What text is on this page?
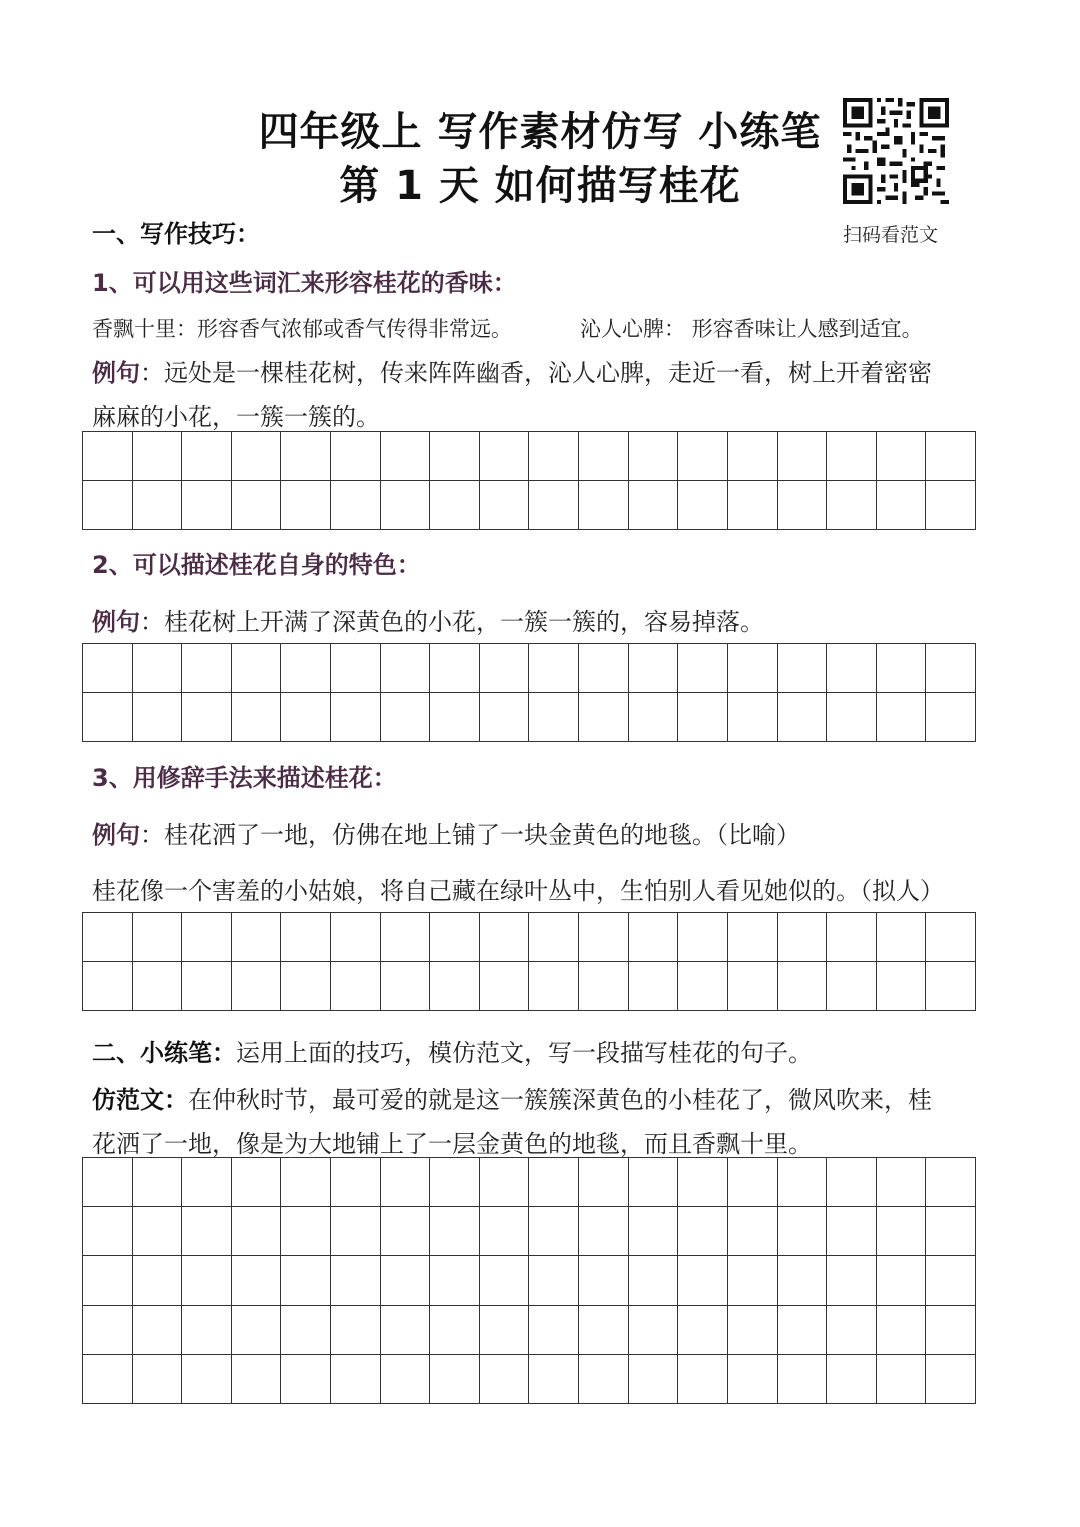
四年级上 写作素材仿写 小练笔
第 1 天 如何描写桂花
扫码看范文
一、写作技巧：
1、可以用这些词汇来形容桂花的香味：
香飘十里：形容香气浓郁或香气传得非常远。	沁人心脾： 形容香味让人感到适宜。
例句：远处是一棵桂花树，传来阵阵幽香，沁人心脾，走近一看，树上开着密密
麻麻的小花，一簇一簇的。
2、可以描述桂花自身的特色：
例句：桂花树上开满了深黄色的小花，一簇一簇的，容易掉落。
3、用修辞手法来描述桂花：
例句：桂花洒了一地，仿佛在地上铺了一块金黄色的地毯。（比喻）
桂花像一个害羞的小姑娘，将自己藏在绿叶丛中，生怕别人看见她似的。（拟人）
二、小练笔：运用上面的技巧，模仿范文，写一段描写桂花的句子。
仿范文：在仲秋时节，最可爱的就是这一簇簇深黄色的小桂花了，微风吹来，桂
花洒了一地，像是为大地铺上了一层金黄色的地毯，而且香飘十里。
